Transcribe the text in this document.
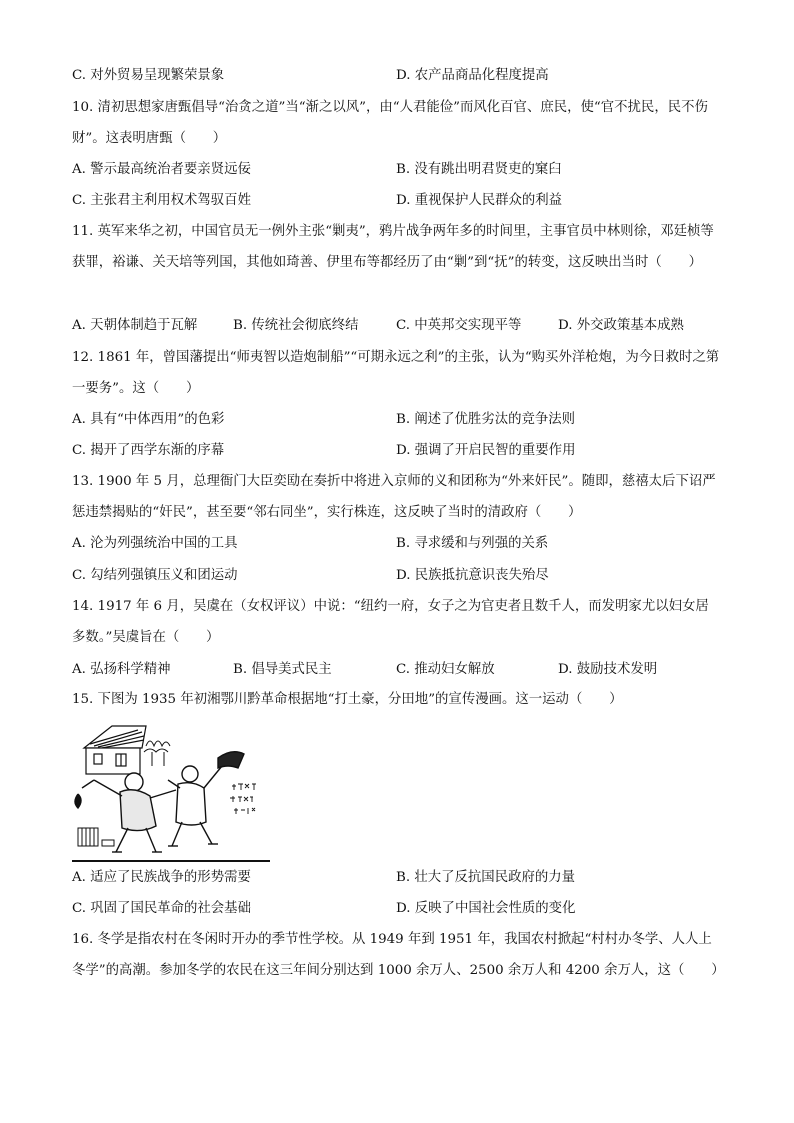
C. 对外贸易呈现繁荣景象	D. 农产品商品化程度提高
10. 清初思想家唐甄倡导“治贪之道”当“渐之以风”，由“人君能俭”而风化百官、庶民，使“官不扰民，民不伤财”。这表明唐甄（　　）
A. 警示最高统治者要亲贤远佞	B. 没有跳出明君贤吏的窠臼
C. 主张君主利用权术驾驭百姓	D. 重视保护人民群众的利益
11. 英军来华之初，中国官员无一例外主张“剿夷”，鸦片战争两年多的时间里，主事官员中林则徐，邓廷桢等获罪，裕谦、关天培等列国，其他如琦善、伊里布等都经历了由“剿”到“抚”的转变，这反映出当时（　　）
A. 天朝体制趋于瓦解	B. 传统社会彻底终结	C. 中英邦交实现平等	D. 外交政策基本成熟
12. 1861 年，曾国藩提出“师夷智以造炮制船”“可期永远之利”的主张，认为“购买外洋枪炮，为今日救时之第一要务”。这（　　）
A. 具有“中体西用”的色彩	B. 阐述了优胜劣汰的竞争法则
C. 揭开了西学东渐的序幕	D. 强调了开启民智的重要作用
13. 1900 年 5 月，总理衙门大臣奕劻在奏折中将进入京师的义和团称为“外来奸民”。随即，慈禧太后下诏严惩违禁揭贴的“奸民”，甚至要“邻右同坐”，实行株连，这反映了当时的清政府（　　）
A. 沦为列强统治中国的工具	B. 寻求缓和与列强的关系
C. 勾结列强镇压义和团运动	D. 民族抵抗意识丧失殆尽
14. 1917 年 6 月，吴虞在（女权评议）中说：“纽约一府，女子之为官吏者且数千人，而发明家尤以妇女居多数。”吴虞旨在（　　）
A. 弘扬科学精神	B. 倡导美式民主	C. 推动妇女解放	D. 鼓励技术发明
15. 下图为 1935 年初湘鄂川黔革命根据地“打土豪，分田地”的宣传漫画。这一运动（　　）
A. 适应了民族战争的形势需要	B. 壮大了反抗国民政府的力量
C. 巩固了国民革命的社会基础	D. 反映了中国社会性质的变化
16. 冬学是指农村在冬闲时开办的季节性学校。从 1949 年到 1951 年，我国农村掀起“村村办冬学、人人上冬学”的高潮。参加冬学的农民在这三年间分别达到 1000 余万人、2500 余万人和 4200 余万人，这（　　）
